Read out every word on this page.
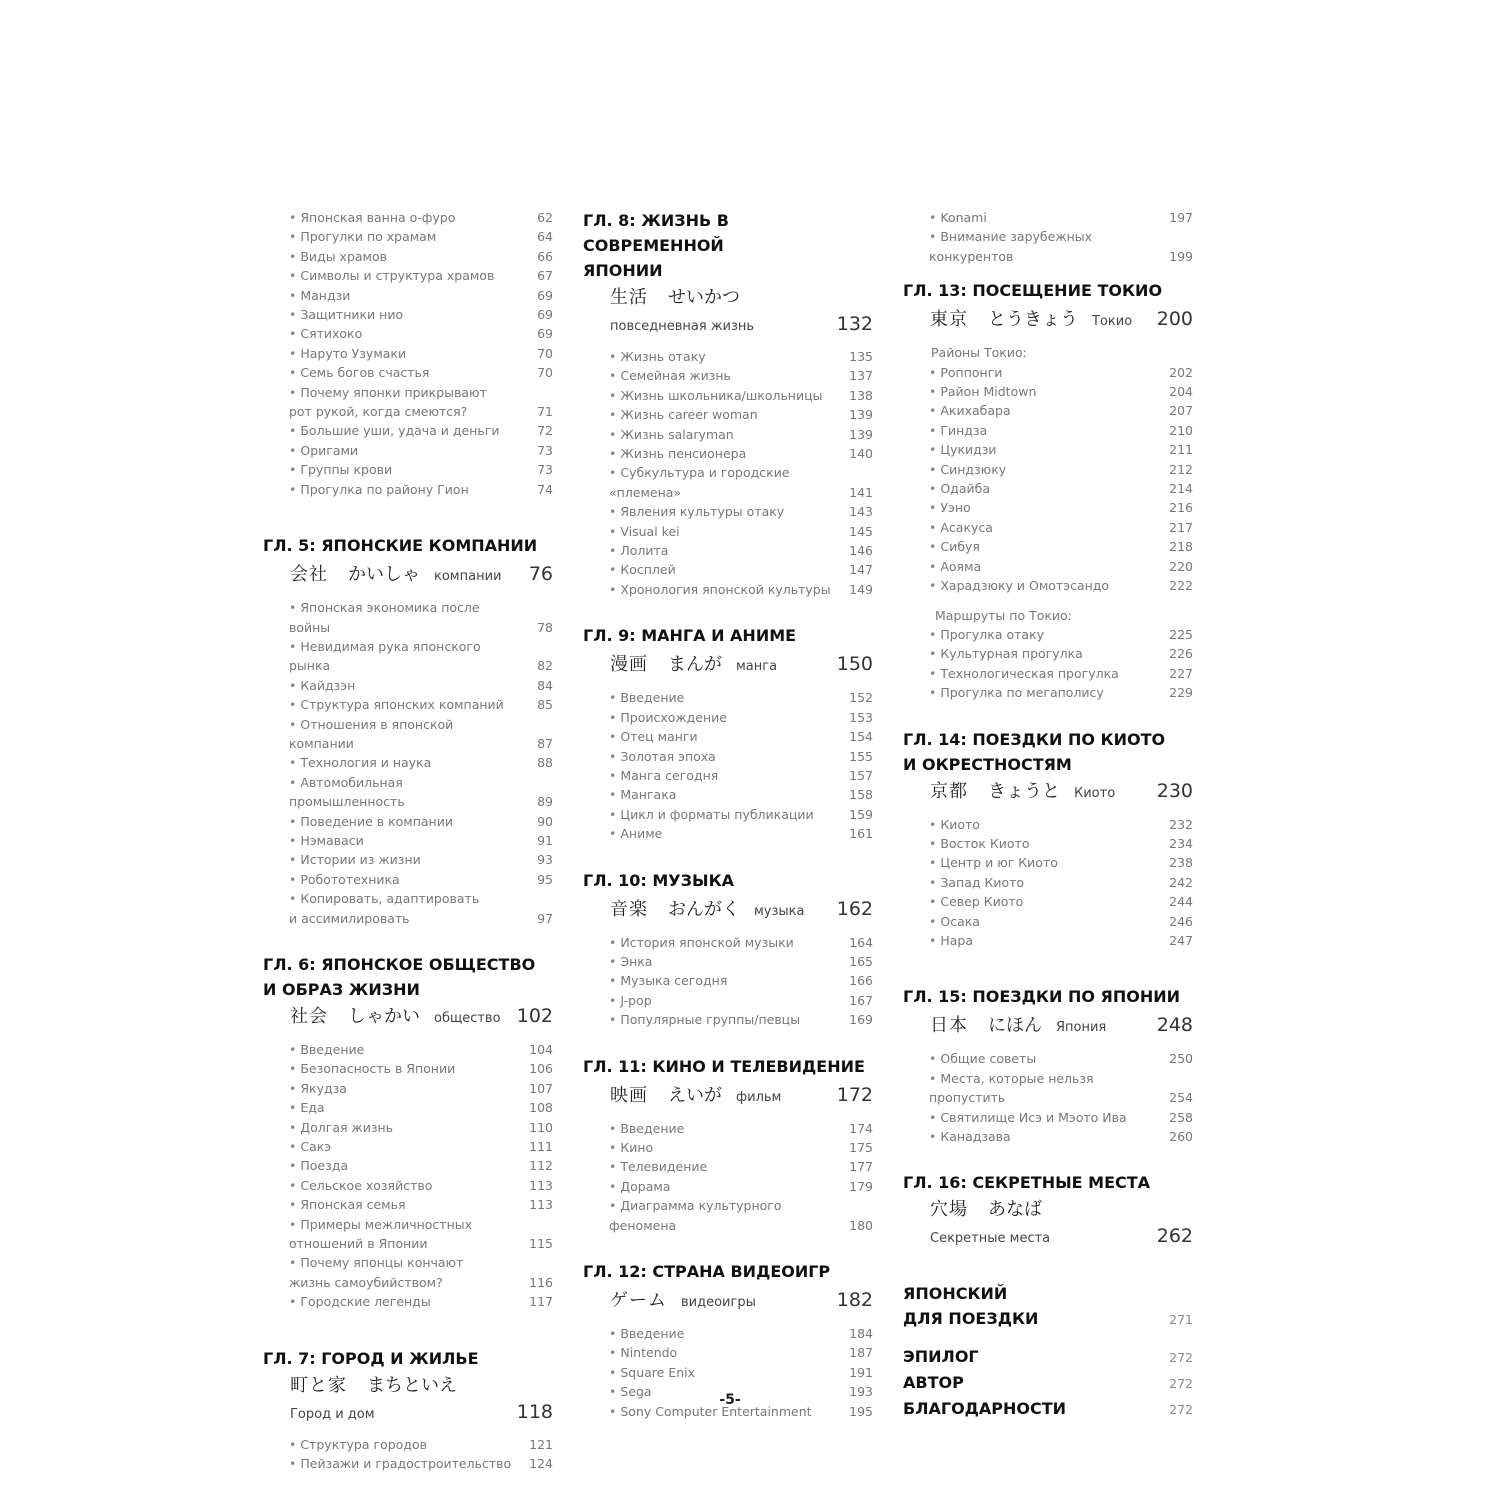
• Японская ванна о-фуро	62
• Прогулки по храмам	64
• Виды храмов	66
• Символы и структура храмов	67
• Мандзи	69
• Защитники нио	69
• Сятихоко	69
• Наруто Узумаки	70
• Семь богов счастья	70
• Почему японки прикрывают
рот рукой, когда смеются?	71
• Большие уши, удача и деньги	72
• Оригами	73
• Группы крови	73
• Прогулка по району Гион	74
ГЛ. 5: ЯПОНСКИЕ КОМПАНИИ
会社 かいしゃ компании	76
• Японская экономика после войны	78
• Невидимая рука японского рынка	82
• Кайдзэн	84
• Структура японских компаний	85
• Отношения в японской компании	87
• Технология и наука	88
• Автомобильная промышленность	89
• Поведение в компании	90
• Нэмаваси	91
• Истории из жизни	93
• Робототехника	95
• Копировать, адаптировать
и ассимилировать	97
ГЛ. 6: ЯПОНСКОЕ ОБЩЕСТВО
И ОБРАЗ ЖИЗНИ
社会 しゃかい общество 102
• Введение	104
• Безопасность в Японии	106
• Якудза	107
• Еда	108
• Долгая жизнь	110
• Сакэ	111
• Поезда	112
• Сельское хозяйство	113
• Японская семья	113
• Примеры межличностных
отношений в Японии	115
• Почему японцы кончают
жизнь самоубийством?	116
• Городские легенды	117
ГЛ. 7: ГОРОД И ЖИЛЬЕ
町と家 まちといえ
Город и дом	118
• Структура городов	121
• Пейзажи и градостроительство	124
ГЛ. 8: ЖИЗНЬ В СОВРЕМЕННОЙ
ЯПОНИИ
生活 せいかつ
повседневная жизнь	132
• Жизнь отаку	135
• Семейная жизнь	137
• Жизнь школьника/школьницы	138
• Жизнь career woman	139
• Жизнь salaryman	139
• Жизнь пенсионера	140
• Субкультура и городские
«племена»	141
• Явления культуры отаку	143
• Visual kei	145
• Лолита	146
• Косплей	147
• Хронология японской культуры	149
ГЛ. 9: МАНГА И АНИМЕ
漫画 まんが манга	150
• Введение	152
• Происхождение	153
• Отец манги	154
• Золотая эпоха	155
• Манга сегодня	157
• Мангака	158
• Цикл и форматы публикации	159
• Аниме	161
ГЛ. 10: МУЗЫКА
音楽 おんがく музыка	162
• История японской музыки	164
• Энка	165
• Музыка сегодня	166
• J-pop	167
• Популярные группы/певцы	169
ГЛ. 11: КИНО И ТЕЛЕВИДЕНИЕ
映画 えいが фильм	172
• Введение	174
• Кино	175
• Телевидение	177
• Дорама	179
• Диаграмма культурного
феномена	180
ГЛ. 12: СТРАНА ВИДЕОИГР
ゲーム видеоигры	182
• Введение	184
• Nintendo	187
• Square Enix	191
• Sega	193
• Sony Computer Entertainment	195
• Konami	197
• Внимание зарубежных
конкурентов	199
ГЛ. 13: ПОСЕЩЕНИЕ ТОКИО
東京 とうきょう Токио	200
Районы Токио:
• Роппонги	202
• Район Midtown	204
• Акихабара	207
• Гиндза	210
• Цукидзи	211
• Синдзюку	212
• Одайба	214
• Уэно	216
• Асакуса	217
• Сибуя	218
• Аояма	220
• Харадзюку и Омотэсандо	222
Маршруты по Токио:
• Прогулка отаку	225
• Культурная прогулка	226
• Технологическая прогулка	227
• Прогулка по мегаполису	229
ГЛ. 14: ПОЕЗДКИ ПО КИОТО
И ОКРЕСТНОСТЯМ
京都 きょうと Киото	230
• Киото	232
• Восток Киото	234
• Центр и юг Киото	238
• Запад Киото	242
• Север Киото	244
• Осака	246
• Нара	247
ГЛ. 15: ПОЕЗДКИ ПО ЯПОНИИ
日本 にほん Япония	248
• Общие советы	250
• Места, которые нельзя пропустить	254
• Святилище Исэ и Мэото Ива	258
• Канадзава	260
ГЛ. 16: СЕКРЕТНЫЕ МЕСТА
穴場 あなば
Секретные места	262
ЯПОНСКИЙ
ДЛЯ ПОЕЗДКИ	271
ЭПИЛОГ	272
АВТОР	272
БЛАГОДАРНОСТИ	272
-5-
